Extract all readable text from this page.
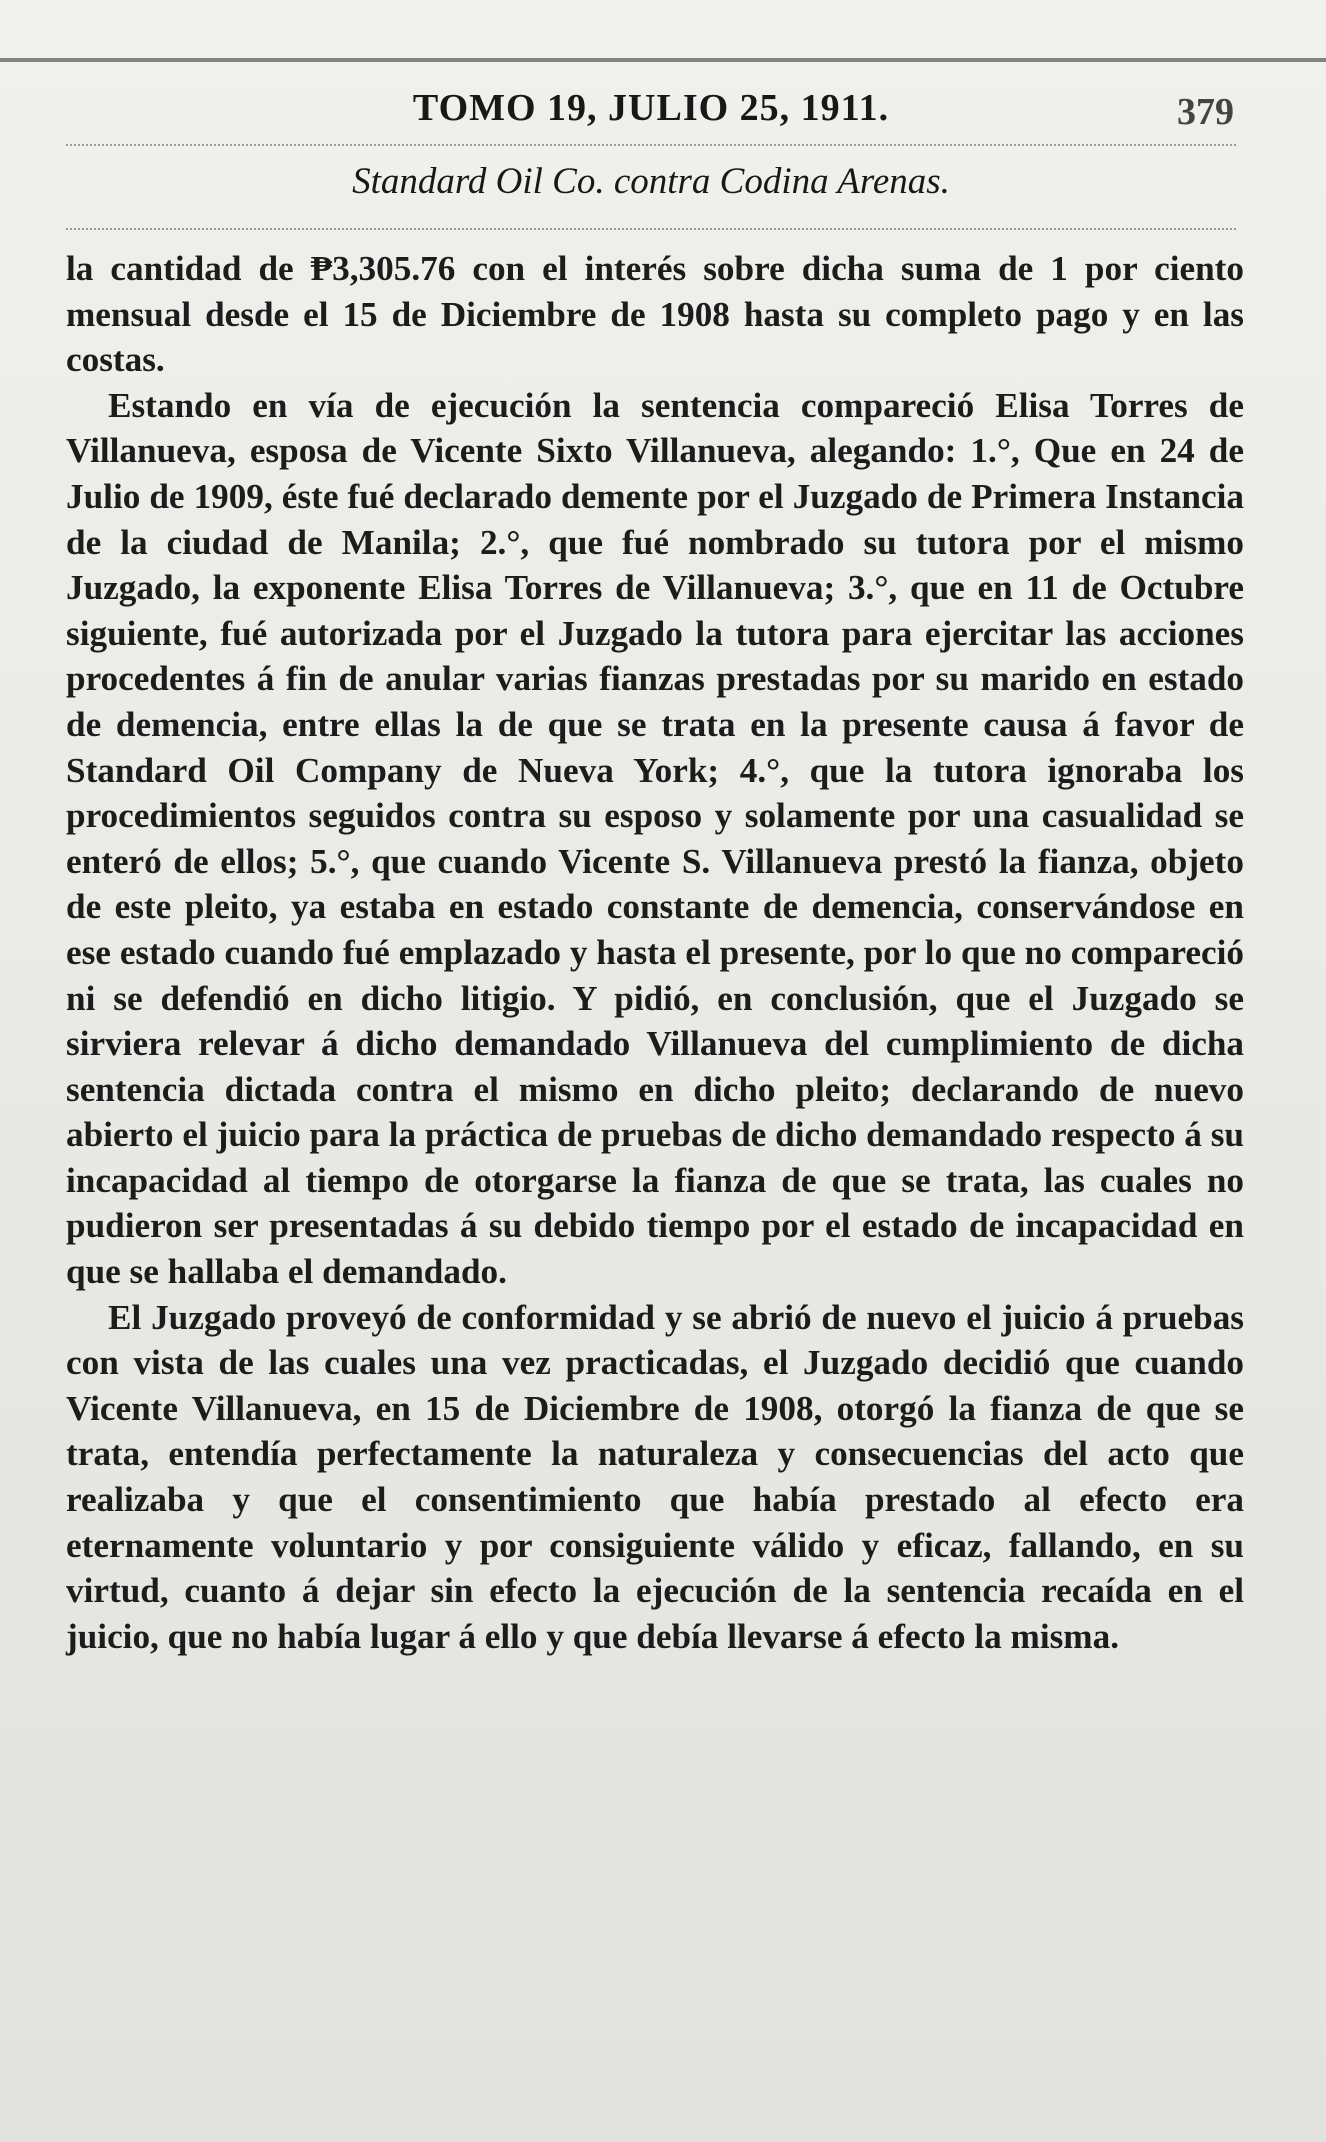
TOMO 19, JULIO 25, 1911.	379
Standard Oil Co. contra Codina Arenas.

la cantidad de ₱3,305.76 con el interés sobre dicha suma de 1 por ciento mensual desde el 15 de Diciembre de 1908 hasta su completo pago y en las costas.

Estando en vía de ejecución la sentencia compareció Elisa Torres de Villanueva, esposa de Vicente Sixto Villanueva, alegando: 1.°, Que en 24 de Julio de 1909, éste fué declarado demente por el Juzgado de Primera Instancia de la ciudad de Manila; 2.°, que fué nombrado su tutora por el mismo Juzgado, la exponente Elisa Torres de Villanueva; 3.°, que en 11 de Octubre siguiente, fué autorizada por el Juzgado la tutora para ejercitar las acciones procedentes á fin de anular varias fianzas prestadas por su marido en estado de demencia, entre ellas la de que se trata en la presente causa á favor de Standard Oil Company de Nueva York; 4.°, que la tutora ignoraba los procedimientos seguidos contra su esposo y solamente por una casualidad se enteró de ellos; 5.°, que cuando Vicente S. Villanueva prestó la fianza, objeto de este pleito, ya estaba en estado constante de demencia, conservándose en ese estado cuando fué emplazado y hasta el presente, por lo que no compareció ni se defendió en dicho litigio. Y pidió, en conclusión, que el Juzgado se sirviera relevar á dicho demandado Villanueva del cumplimiento de dicha sentencia dictada contra el mismo en dicho pleito; declarando de nuevo abierto el juicio para la práctica de pruebas de dicho demandado respecto á su incapacidad al tiempo de otorgarse la fianza de que se trata, las cuales no pudieron ser presentadas á su debido tiempo por el estado de incapacidad en que se hallaba el demandado.

El Juzgado proveyó de conformidad y se abrió de nuevo el juicio á pruebas con vista de las cuales una vez practicadas, el Juzgado decidió que cuando Vicente Villanueva, en 15 de Diciembre de 1908, otorgó la fianza de que se trata, entendía perfectamente la naturaleza y consecuencias del acto que realizaba y que el consentimiento que había prestado al efecto era eternamente voluntario y por consiguiente válido y eficaz, fallando, en su virtud, cuanto á dejar sin efecto la ejecución de la sentencia recaída en el juicio, que no había lugar á ello y que debía llevarse á efecto la misma.
